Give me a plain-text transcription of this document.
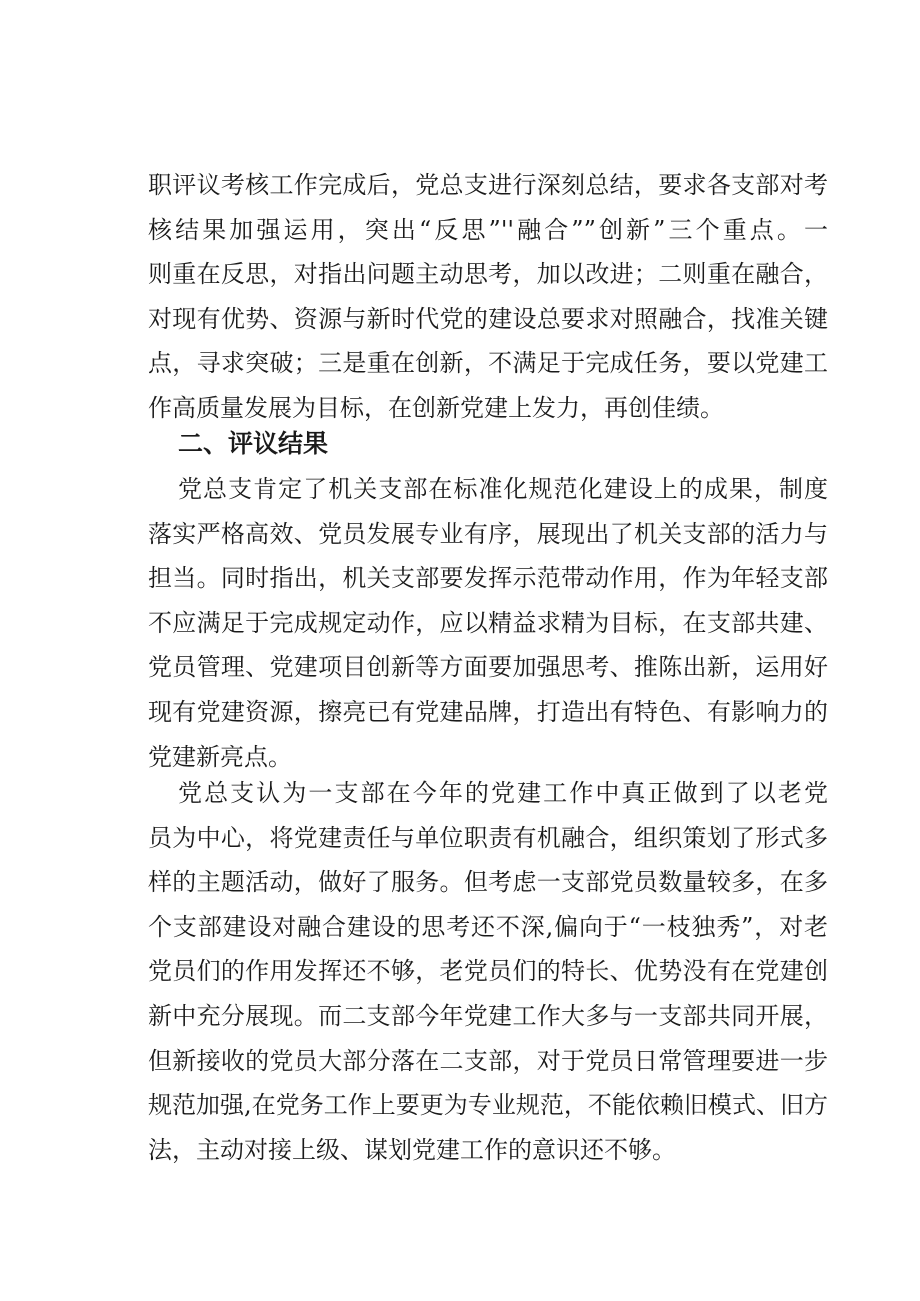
职评议考核工作完成后，党总支进行深刻总结，要求各支部对考
核结果加强运用，突出“反思”''融合””创新”三个重点。一
则重在反思，对指出问题主动思考，加以改进；二则重在融合，
对现有优势、资源与新时代党的建设总要求对照融合，找准关键
点，寻求突破；三是重在创新，不满足于完成任务，要以党建工
作高质量发展为目标，在创新党建上发力，再创佳绩。
二、评议结果
党总支肯定了机关支部在标准化规范化建设上的成果，制度
落实严格高效、党员发展专业有序，展现出了机关支部的活力与
担当。同时指出，机关支部要发挥示范带动作用，作为年轻支部
不应满足于完成规定动作，应以精益求精为目标，在支部共建、
党员管理、党建项目创新等方面要加强思考、推陈出新，运用好
现有党建资源，擦亮已有党建品牌，打造出有特色、有影响力的
党建新亮点。
党总支认为一支部在今年的党建工作中真正做到了以老党
员为中心，将党建责任与单位职责有机融合，组织策划了形式多
样的主题活动，做好了服务。但考虑一支部党员数量较多，在多
个支部建设对融合建设的思考还不深,偏向于“一枝独秀”，对老
党员们的作用发挥还不够，老党员们的特长、优势没有在党建创
新中充分展现。而二支部今年党建工作大多与一支部共同开展，
但新接收的党员大部分落在二支部，对于党员日常管理要进一步
规范加强,在党务工作上要更为专业规范，不能依赖旧模式、旧方
法，主动对接上级、谋划党建工作的意识还不够。
